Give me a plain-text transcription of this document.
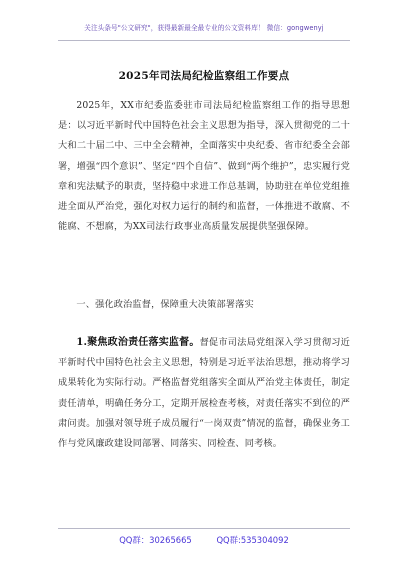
关注头条号"公文研究"，获得最新最全最专业的公文资料库！ 微信：gongwenyj
2025年司法局纪检监察组工作要点
2025年，XX市纪委监委驻市司法局纪检监察组工作的指导思想是：以习近平新时代中国特色社会主义思想为指导，深入贯彻党的二十大和二十届二中、三中全会精神，全面落实中央纪委、省市纪委全会部署，增强“四个意识”、坚定“四个自信”、做到“两个维护”，忠实履行党章和宪法赋予的职责，坚持稳中求进工作总基调，协助驻在单位党组推进全面从严治党，强化对权力运行的制约和监督，一体推进不敢腐、不能腐、不想腐，为XX司法行政事业高质量发展提供坚强保障。
一、强化政治监督，保障重大决策部署落实
1.聚焦政治责任落实监督。督促市司法局党组深入学习贯彻习近平新时代中国特色社会主义思想，特别是习近平法治思想，推动将学习成果转化为实际行动。严格监督党组落实全面从严治党主体责任，制定责任清单，明确任务分工，定期开展检查考核，对责任落实不到位的严肃问责。加强对领导班子成员履行“一岗双责”情况的监督，确保业务工作与党风廉政建设同部署、同落实、同检查、同考核。
QQ群：30265665	QQ群:535304092
